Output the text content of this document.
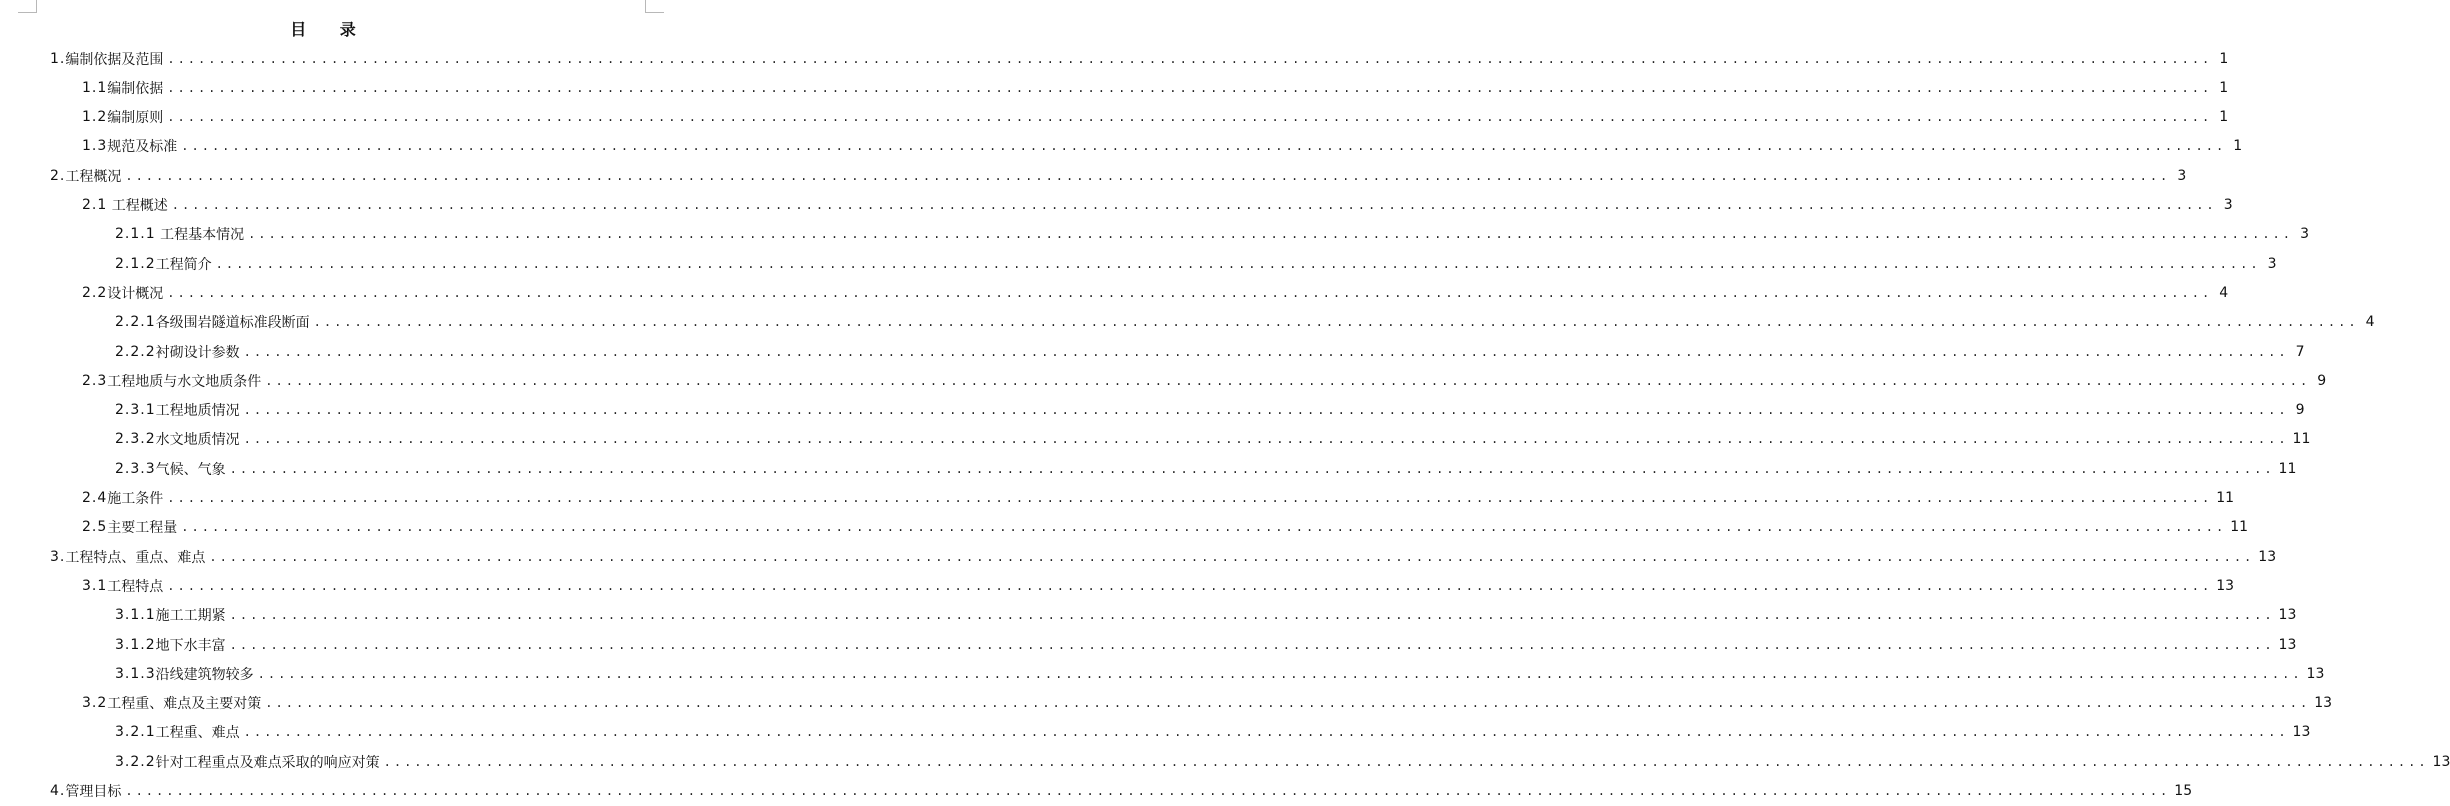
目 录
1. 编制依据及范围 ........................................................................................................................................................................................................ 1
1.1 编制依据 ........................................................................................................................................................................................................ 1
1.2 编制原则 ........................................................................................................................................................................................................ 1
1.3 规范及标准 ........................................................................................................................................................................................................ 1
2. 工程概况 ........................................................................................................................................................................................................ 3
2.1 工程概述 ........................................................................................................................................................................................................ 3
2.1.1 工程基本情况 ........................................................................................................................................................................................................ 3
2.1.2 工程简介 ........................................................................................................................................................................................................ 3
2.2 设计概况 ........................................................................................................................................................................................................ 4
2.2.1 各级围岩隧道标准段断面 ........................................................................................................................................................................................................ 4
2.2.2 衬砌设计参数 ........................................................................................................................................................................................................ 7
2.3 工程地质与水文地质条件 ........................................................................................................................................................................................................ 9
2.3.1 工程地质情况 ........................................................................................................................................................................................................ 9
2.3.2 水文地质情况 ........................................................................................................................................................................................................ 11
2.3.3 气候、气象 ........................................................................................................................................................................................................ 11
2.4 施工条件 ........................................................................................................................................................................................................ 11
2.5 主要工程量 ........................................................................................................................................................................................................ 11
3. 工程特点、重点、难点 ........................................................................................................................................................................................................ 13
3.1 工程特点 ........................................................................................................................................................................................................ 13
3.1.1 施工工期紧 ........................................................................................................................................................................................................ 13
3.1.2 地下水丰富 ........................................................................................................................................................................................................ 13
3.1.3 沿线建筑物较多 ........................................................................................................................................................................................................ 13
3.2 工程重、难点及主要对策 ........................................................................................................................................................................................................ 13
3.2.1 工程重、难点 ........................................................................................................................................................................................................ 13
3.2.2 针对工程重点及难点采取的响应对策 ........................................................................................................................................................................................................ 13
4. 管理目标 ........................................................................................................................................................................................................ 15
